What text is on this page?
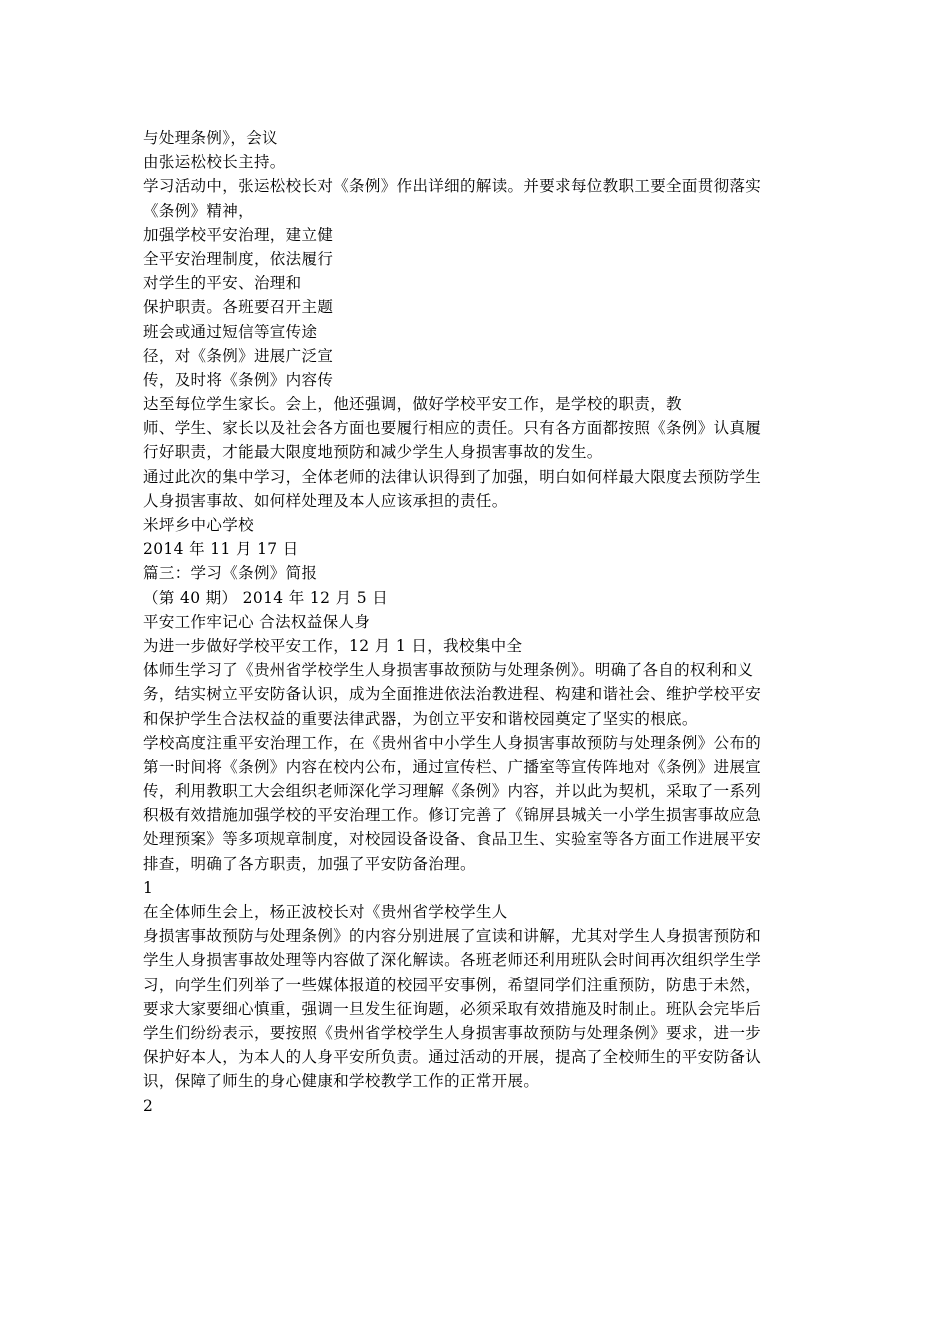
与处理条例》，会议
由张运松校长主持。
学习活动中，张运松校长对《条例》作出详细的解读。并要求每位教职工要全面贯彻落实
《条例》精神，
加强学校平安治理，建立健
全平安治理制度，依法履行
对学生的平安、治理和
保护职责。各班要召开主题
班会或通过短信等宣传途
径，对《条例》进展广泛宣
传，及时将《条例》内容传
达至每位学生家长。会上，他还强调，做好学校平安工作，是学校的职责，教
师、学生、家长以及社会各方面也要履行相应的责任。只有各方面都按照《条例》认真履
行好职责，才能最大限度地预防和减少学生人身损害事故的发生。
通过此次的集中学习，全体老师的法律认识得到了加强，明白如何样最大限度去预防学生
人身损害事故、如何样处理及本人应该承担的责任。
米坪乡中心学校
2014 年 11 月 17 日
篇三：学习《条例》简报
（第 40 期） 2014 年 12 月 5 日
平安工作牢记心 合法权益保人身
为进一步做好学校平安工作，12 月 1 日，我校集中全
体师生学习了《贵州省学校学生人身损害事故预防与处理条例》。明确了各自的权利和义
务，结实树立平安防备认识，成为全面推进依法治教进程、构建和谐社会、维护学校平安
和保护学生合法权益的重要法律武器，为创立平安和谐校园奠定了坚实的根底。
学校高度注重平安治理工作，在《贵州省中小学生人身损害事故预防与处理条例》公布的
第一时间将《条例》内容在校内公布，通过宣传栏、广播室等宣传阵地对《条例》进展宣
传，利用教职工大会组织老师深化学习理解《条例》内容，并以此为契机，采取了一系列
积极有效措施加强学校的平安治理工作。修订完善了《锦屏县城关一小学生损害事故应急
处理预案》等多项规章制度，对校园设备设备、食品卫生、实验室等各方面工作进展平安
排查，明确了各方职责，加强了平安防备治理。
1
在全体师生会上，杨正波校长对《贵州省学校学生人
身损害事故预防与处理条例》的内容分别进展了宣读和讲解，尤其对学生人身损害预防和
学生人身损害事故处理等内容做了深化解读。各班老师还利用班队会时间再次组织学生学
习，向学生们列举了一些媒体报道的校园平安事例，希望同学们注重预防，防患于未然，
要求大家要细心慎重，强调一旦发生征询题，必须采取有效措施及时制止。班队会完毕后
学生们纷纷表示，要按照《贵州省学校学生人身损害事故预防与处理条例》要求，进一步
保护好本人，为本人的人身平安所负责。通过活动的开展，提高了全校师生的平安防备认
识，保障了师生的身心健康和学校教学工作的正常开展。
2
